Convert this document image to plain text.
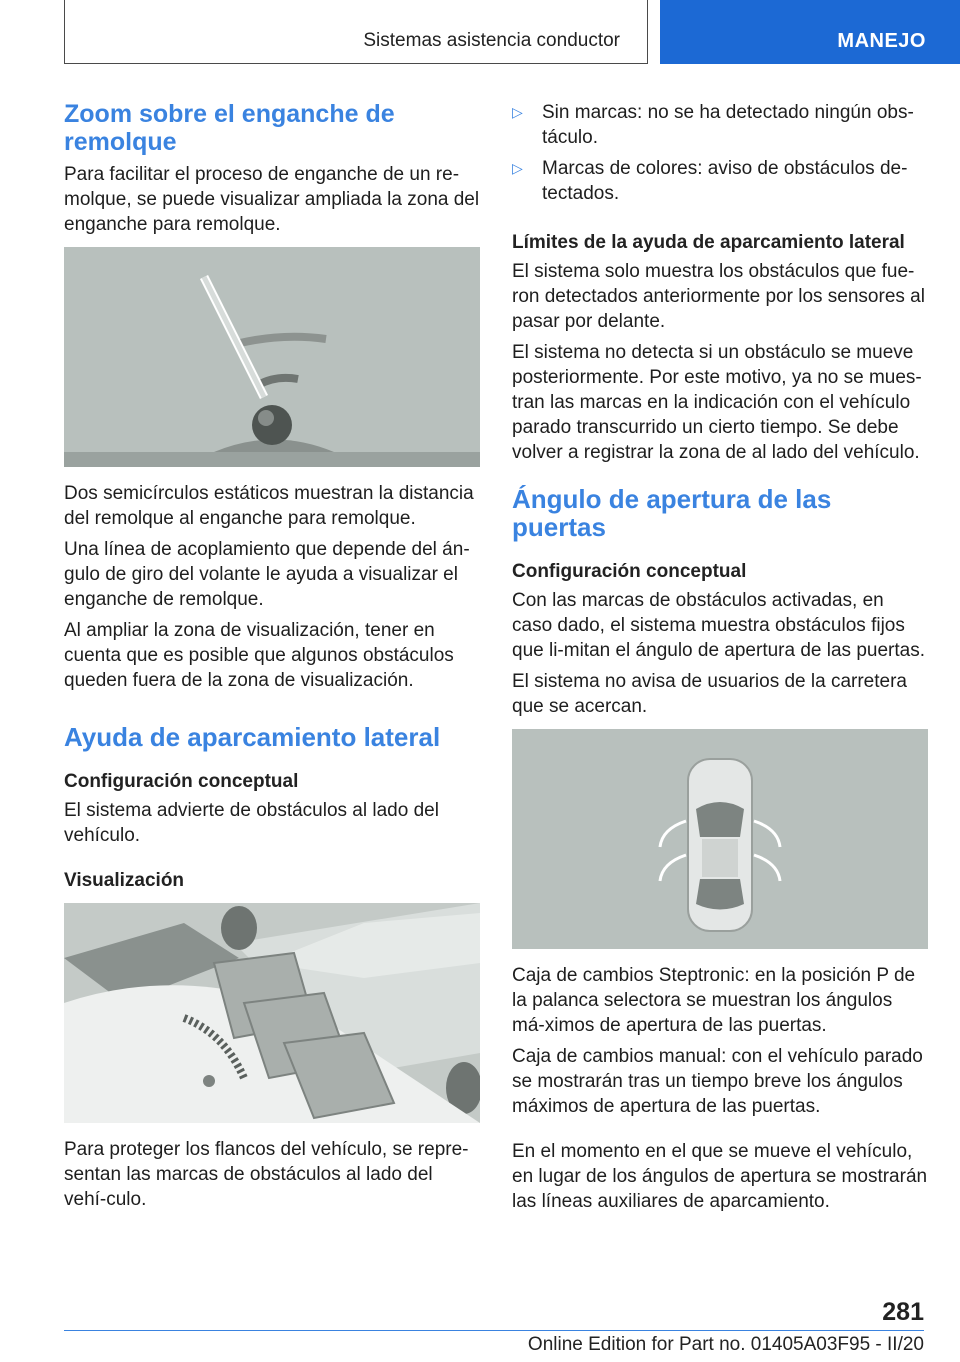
Sistemas asistencia conductor	MANEJO
Zoom sobre el enganche de remolque

Para facilitar el proceso de enganche de un re-molque, se puede visualizar ampliada la zona del enganche para remolque.

Dos semicírculos estáticos muestran la distancia del remolque al enganche para remolque.

Una línea de acoplamiento que depende del án-gulo de giro del volante le ayuda a visualizar el enganche de remolque.

Al ampliar la zona de visualización, tener en cuenta que es posible que algunos obstáculos queden fuera de la zona de visualización.

Ayuda de aparcamiento lateral
Configuración conceptual

El sistema advierte de obstáculos al lado del vehículo.

Visualización

Para proteger los flancos del vehículo, se repre-sentan las marcas de obstáculos al lado del vehí-culo.

▷ Sin marcas: no se ha detectado ningún obs-táculo.
▷ Marcas de colores: aviso de obstáculos de-tectados.
Límites de la ayuda de aparcamiento lateral

El sistema solo muestra los obstáculos que fue-ron detectados anteriormente por los sensores al pasar por delante.

El sistema no detecta si un obstáculo se mueve posteriormente. Por este motivo, ya no se mues-tran las marcas en la indicación con el vehículo parado transcurrido un cierto tiempo. Se debe volver a registrar la zona de al lado del vehículo.

Ángulo de apertura de las puertas
Configuración conceptual

Con las marcas de obstáculos activadas, en caso dado, el sistema muestra obstáculos fijos que li-mitan el ángulo de apertura de las puertas.

El sistema no avisa de usuarios de la carretera que se acercan.

Caja de cambios Steptronic: en la posición P de la palanca selectora se muestran los ángulos má-ximos de apertura de las puertas.

Caja de cambios manual: con el vehículo parado se mostrarán tras un tiempo breve los ángulos máximos de apertura de las puertas.

En el momento en el que se mueve el vehículo, en lugar de los ángulos de apertura se mostrarán las líneas auxiliares de aparcamiento.

281
Online Edition for Part no. 01405A03F95 - II/20
